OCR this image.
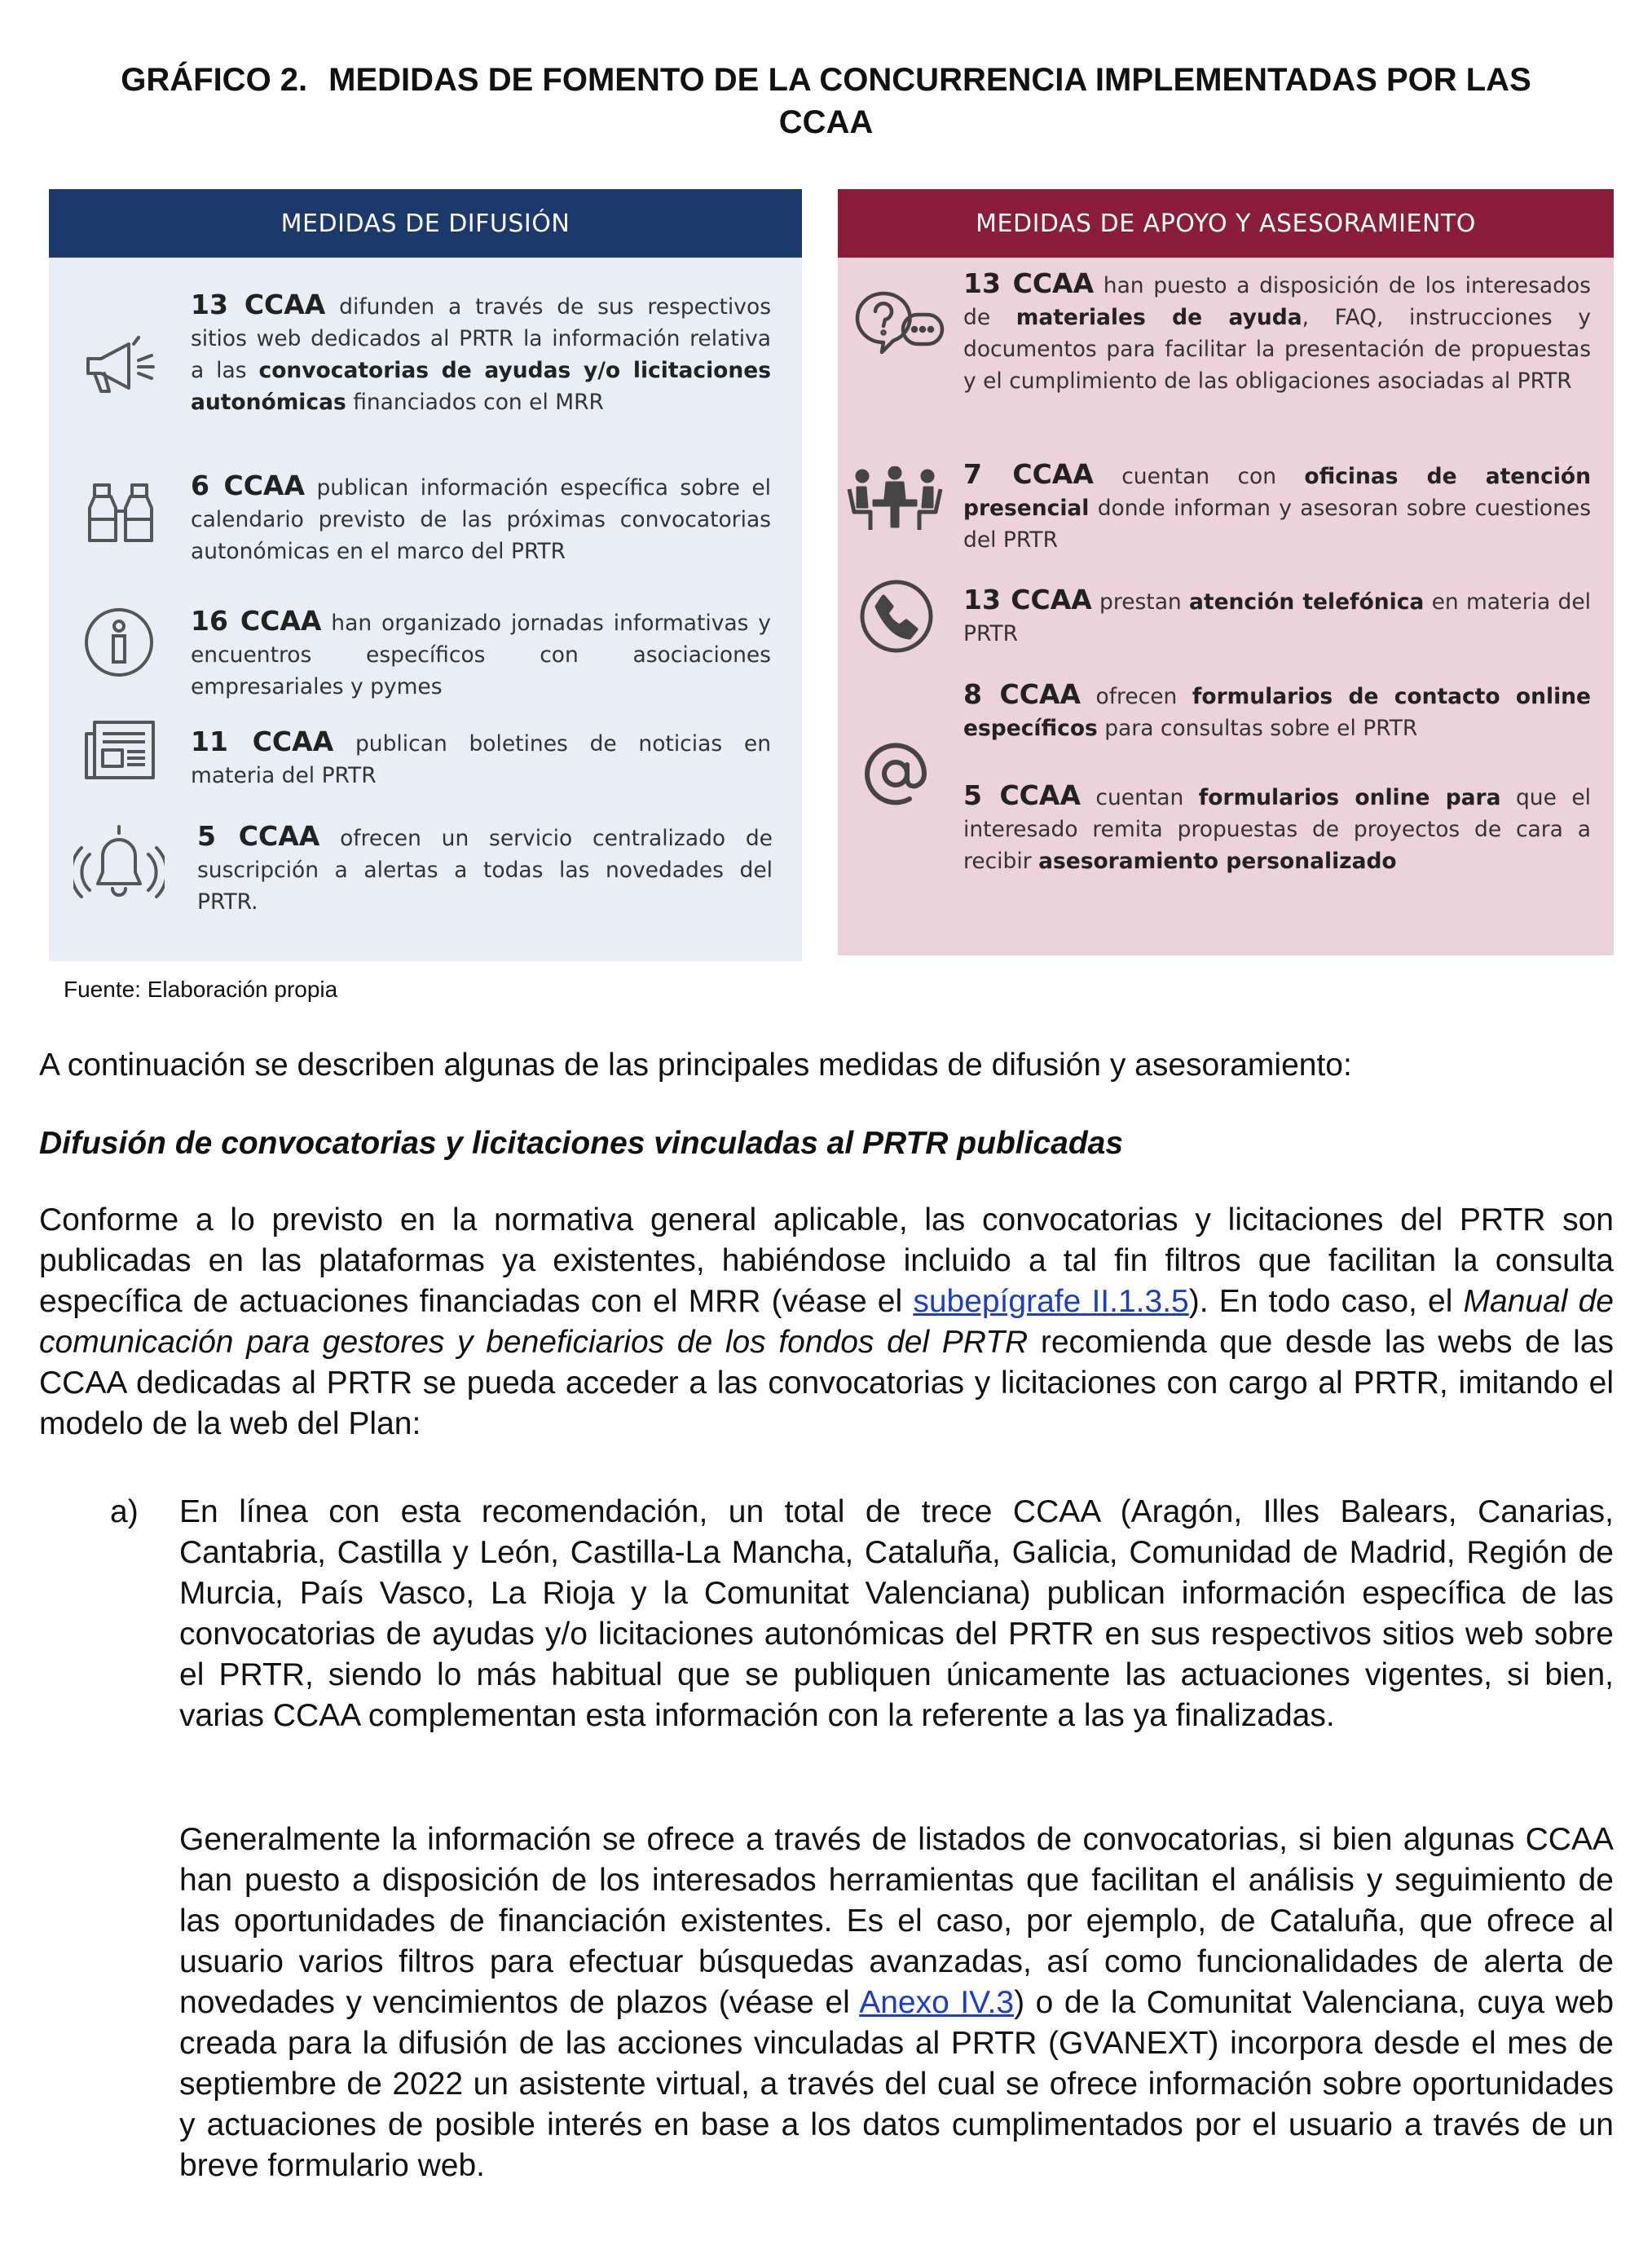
GRÁFICO 2. MEDIDAS DE FOMENTO DE LA CONCURRENCIA IMPLEMENTADAS POR LAS
CCAA
MEDIDAS DE DIFUSIÓN
13 CCAA difunden a través de sus respectivos sitios web dedicados al PRTR la información relativa a las convocatorias de ayudas y/o licitaciones autonómicas financiados con el MRR
6 CCAA publican información específica sobre el calendario previsto de las próximas convocatorias autonómicas en el marco del PRTR
16 CCAA han organizado jornadas informativas y encuentros específicos con asociaciones empresariales y pymes
11 CCAA publican boletines de noticias en materia del PRTR
5 CCAA ofrecen un servicio centralizado de suscripción a alertas a todas las novedades del PRTR.
MEDIDAS DE APOYO Y ASESORAMIENTO
13 CCAA han puesto a disposición de los interesados de materiales de ayuda, FAQ, instrucciones y documentos para facilitar la presentación de propuestas y el cumplimiento de las obligaciones asociadas al PRTR
7 CCAA cuentan con oficinas de atención presencial donde informan y asesoran sobre cuestiones del PRTR
13 CCAA prestan atención telefónica en materia del PRTR
8 CCAA ofrecen formularios de contacto online específicos para consultas sobre el PRTR
5 CCAA cuentan formularios online para que el interesado remita propuestas de proyectos de cara a recibir asesoramiento personalizado
Fuente: Elaboración propia
A continuación se describen algunas de las principales medidas de difusión y asesoramiento:
Difusión de convocatorias y licitaciones vinculadas al PRTR publicadas
Conforme a lo previsto en la normativa general aplicable, las convocatorias y licitaciones del PRTR son publicadas en las plataformas ya existentes, habiéndose incluido a tal fin filtros que facilitan la consulta específica de actuaciones financiadas con el MRR (véase el subepígrafe II.1.3.5). En todo caso, el Manual de comunicación para gestores y beneficiarios de los fondos del PRTR recomienda que desde las webs de las CCAA dedicadas al PRTR se pueda acceder a las convocatorias y licitaciones con cargo al PRTR, imitando el modelo de la web del Plan:
a) En línea con esta recomendación, un total de trece CCAA (Aragón, Illes Balears, Canarias, Cantabria, Castilla y León, Castilla-La Mancha, Cataluña, Galicia, Comunidad de Madrid, Región de Murcia, País Vasco, La Rioja y la Comunitat Valenciana) publican información específica de las convocatorias de ayudas y/o licitaciones autonómicas del PRTR en sus respectivos sitios web sobre el PRTR, siendo lo más habitual que se publiquen únicamente las actuaciones vigentes, si bien, varias CCAA complementan esta información con la referente a las ya finalizadas.
Generalmente la información se ofrece a través de listados de convocatorias, si bien algunas CCAA han puesto a disposición de los interesados herramientas que facilitan el análisis y seguimiento de las oportunidades de financiación existentes. Es el caso, por ejemplo, de Cataluña, que ofrece al usuario varios filtros para efectuar búsquedas avanzadas, así como funcionalidades de alerta de novedades y vencimientos de plazos (véase el Anexo IV.3) o de la Comunitat Valenciana, cuya web creada para la difusión de las acciones vinculadas al PRTR (GVANEXT) incorpora desde el mes de septiembre de 2022 un asistente virtual, a través del cual se ofrece información sobre oportunidades y actuaciones de posible interés en base a los datos cumplimentados por el usuario a través de un breve formulario web.
